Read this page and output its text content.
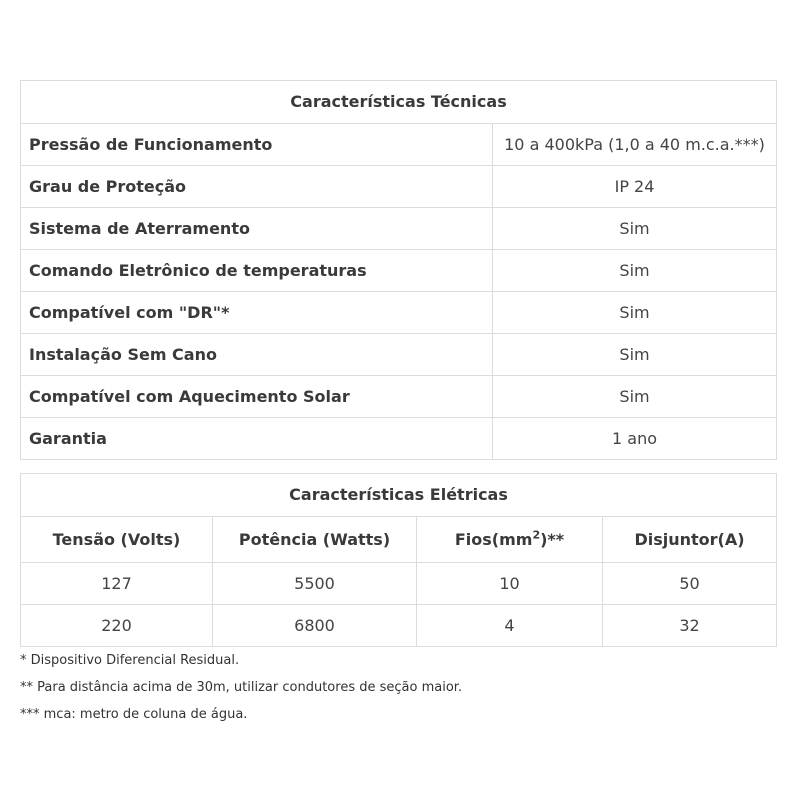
Características Técnicas	
Pressão de Funcionamento	10 a 400kPa (1,0 a 40 m.c.a.***)
Grau de Proteção	IP 24
Sistema de Aterramento	Sim
Comando Eletrônico de temperaturas	Sim
Compatível com "DR"*	Sim
Instalação Sem Cano	Sim
Compatível com Aquecimento Solar	Sim
Garantia	1 ano
Características Elétricas			
Tensão (Volts)	Potência (Watts)	$Fios(mm^2)**$	Disjuntor(A)
127	5500	10	50
220	6800	4	32
* Dispositivo Diferencial Residual.
** Para distância acima de 30m, utilizar condutores de seção maior.
*** mca: metro de coluna de água.
